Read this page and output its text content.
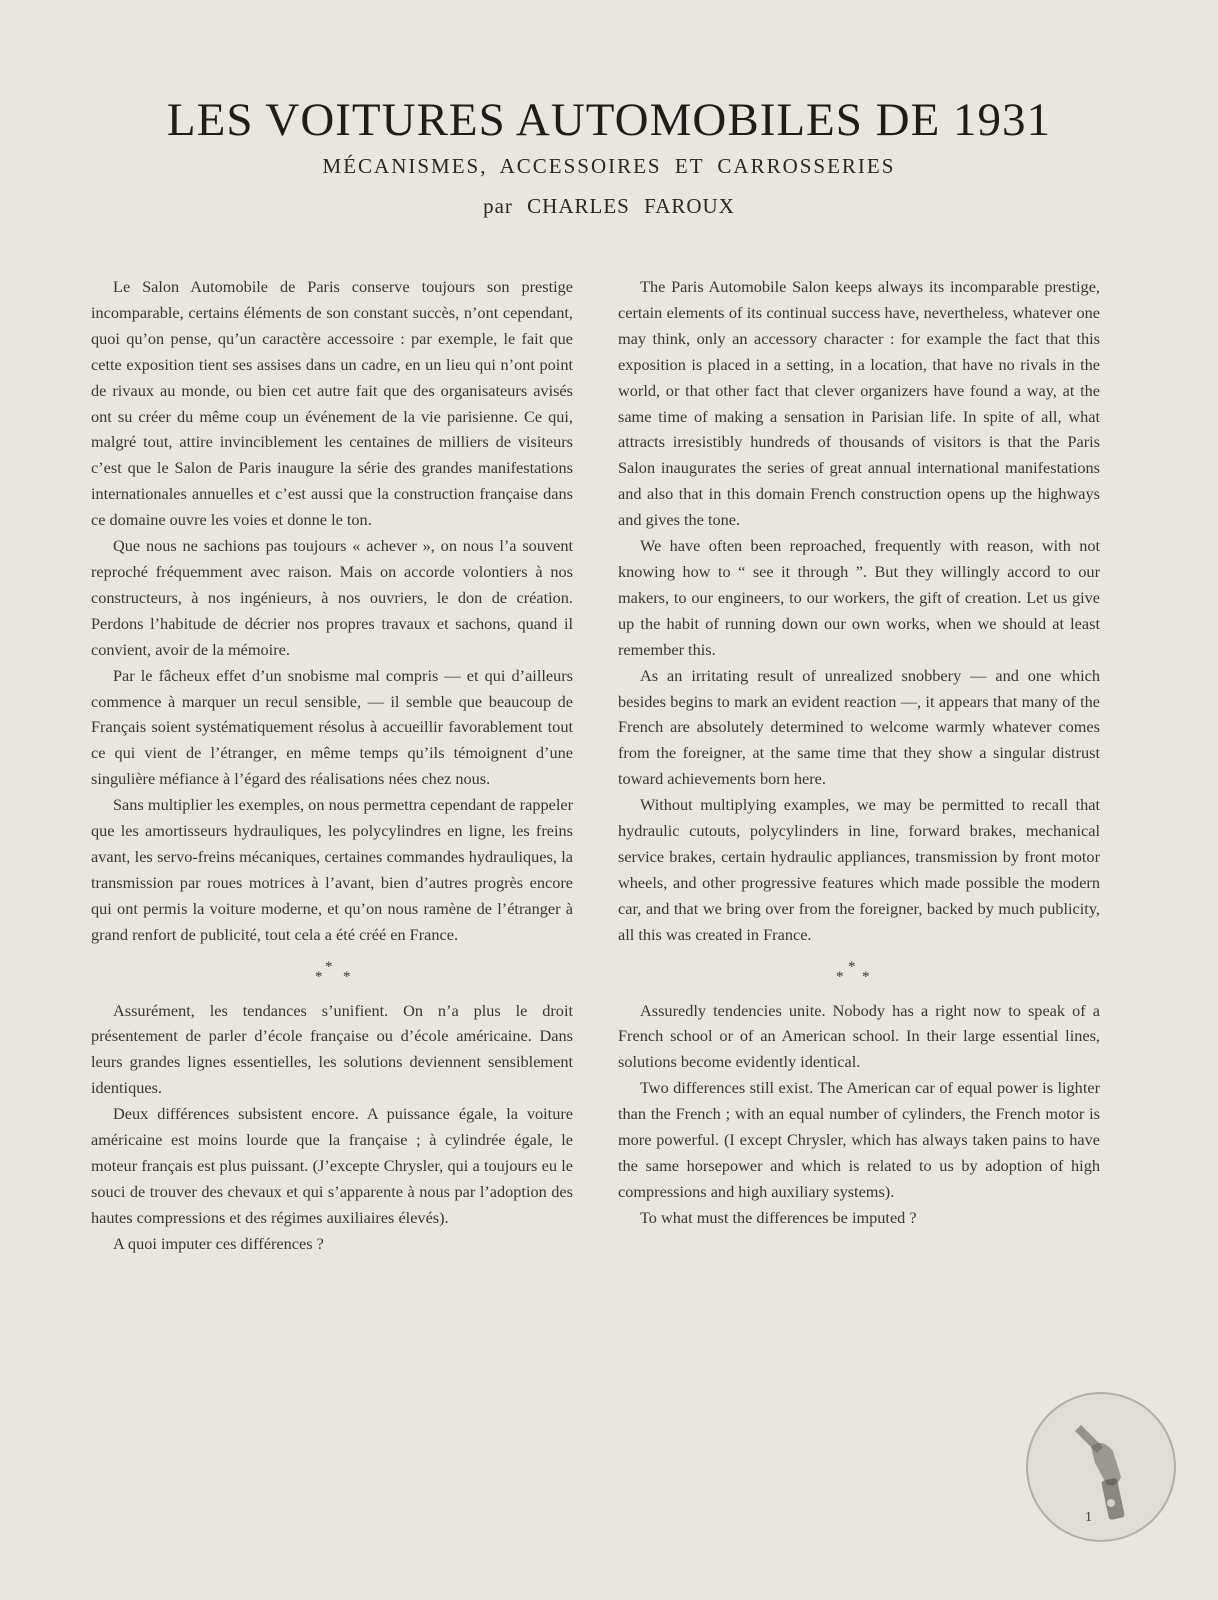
LES VOITURES AUTOMOBILES DE 1931
MÉCANISMES, ACCESSOIRES ET CARROSSERIES
par CHARLES FAROUX

Le Salon Automobile de Paris conserve toujours son prestige incomparable, certains éléments de son constant succès, n’ont cependant, quoi qu’on pense, qu’un caractère accessoire : par exemple, le fait que cette exposition tient ses assises dans un cadre, en un lieu qui n’ont point de rivaux au monde, ou bien cet autre fait que des organisateurs avisés ont su créer du même coup un événement de la vie parisienne. Ce qui, malgré tout, attire invinciblement les centaines de milliers de visiteurs c’est que le Salon de Paris inaugure la série des grandes manifestations internationales annuelles et c’est aussi que la construction française dans ce domaine ouvre les voies et donne le ton.

Que nous ne sachions pas toujours « achever », on nous l’a souvent reproché fréquemment avec raison. Mais on accorde volontiers à nos constructeurs, à nos ingénieurs, à nos ouvriers, le don de création. Perdons l’habitude de décrier nos propres travaux et sachons, quand il convient, avoir de la mémoire.

Par le fâcheux effet d’un snobisme mal compris — et qui d’ailleurs commence à marquer un recul sensible, — il semble que beaucoup de Français soient systématiquement résolus à accueillir favorablement tout ce qui vient de l’étranger, en même temps qu’ils témoignent d’une singulière méfiance à l’égard des réalisations nées chez nous.

Sans multiplier les exemples, on nous permettra cependant de rappeler que les amortisseurs hydrauliques, les polycylindres en ligne, les freins avant, les servo-freins mécaniques, certaines commandes hydrauliques, la transmission par roues motrices à l’avant, bien d’autres progrès encore qui ont permis la voiture moderne, et qu’on nous ramène de l’étranger à grand renfort de publicité, tout cela a été créé en France.

*
*
*

Assurément, les tendances s’unifient. On n’a plus le droit présentement de parler d’école française ou d’école américaine. Dans leurs grandes lignes essentielles, les solutions deviennent sensiblement identiques.

Deux différences subsistent encore. A puissance égale, la voiture américaine est moins lourde que la française ; à cylindrée égale, le moteur français est plus puissant. (J’excepte Chrysler, qui a toujours eu le souci de trouver des chevaux et qui s’apparente à nous par l’adoption des hautes compressions et des régimes auxiliaires élevés).

A quoi imputer ces différences ?

The Paris Automobile Salon keeps always its incomparable prestige, certain elements of its continual success have, nevertheless, whatever one may think, only an accessory character : for example the fact that this exposition is placed in a setting, in a location, that have no rivals in the world, or that other fact that clever organizers have found a way, at the same time of making a sensation in Parisian life. In spite of all, what attracts irresistibly hundreds of thousands of visitors is that the Paris Salon inaugurates the series of great annual international manifestations and also that in this domain French construction opens up the highways and gives the tone.

We have often been reproached, frequently with reason, with not knowing how to “ see it through ”. But they willingly accord to our makers, to our engineers, to our workers, the gift of creation. Let us give up the habit of running down our own works, when we should at least remember this.

As an irritating result of unrealized snobbery — and one which besides begins to mark an evident reaction —, it appears that many of the French are absolutely determined to welcome warmly whatever comes from the foreigner, at the same time that they show a singular distrust toward achievements born here.

Without multiplying examples, we may be permitted to recall that hydraulic cutouts, polycylinders in line, forward brakes, mechanical service brakes, certain hydraulic appliances, transmission by front motor wheels, and other progressive features which made possible the modern car, and that we bring over from the foreigner, backed by much publicity, all this was created in France.

*
*
*

Assuredly tendencies unite. Nobody has a right now to speak of a French school or of an American school. In their large essential lines, solutions become evidently identical.

Two differences still exist. The American car of equal power is lighter than the French ; with an equal number of cylinders, the French motor is more powerful. (I except Chrysler, which has always taken pains to have the same horsepower and which is related to us by adoption of high compressions and high auxiliary systems).

To what must the differences be imputed ?

1
